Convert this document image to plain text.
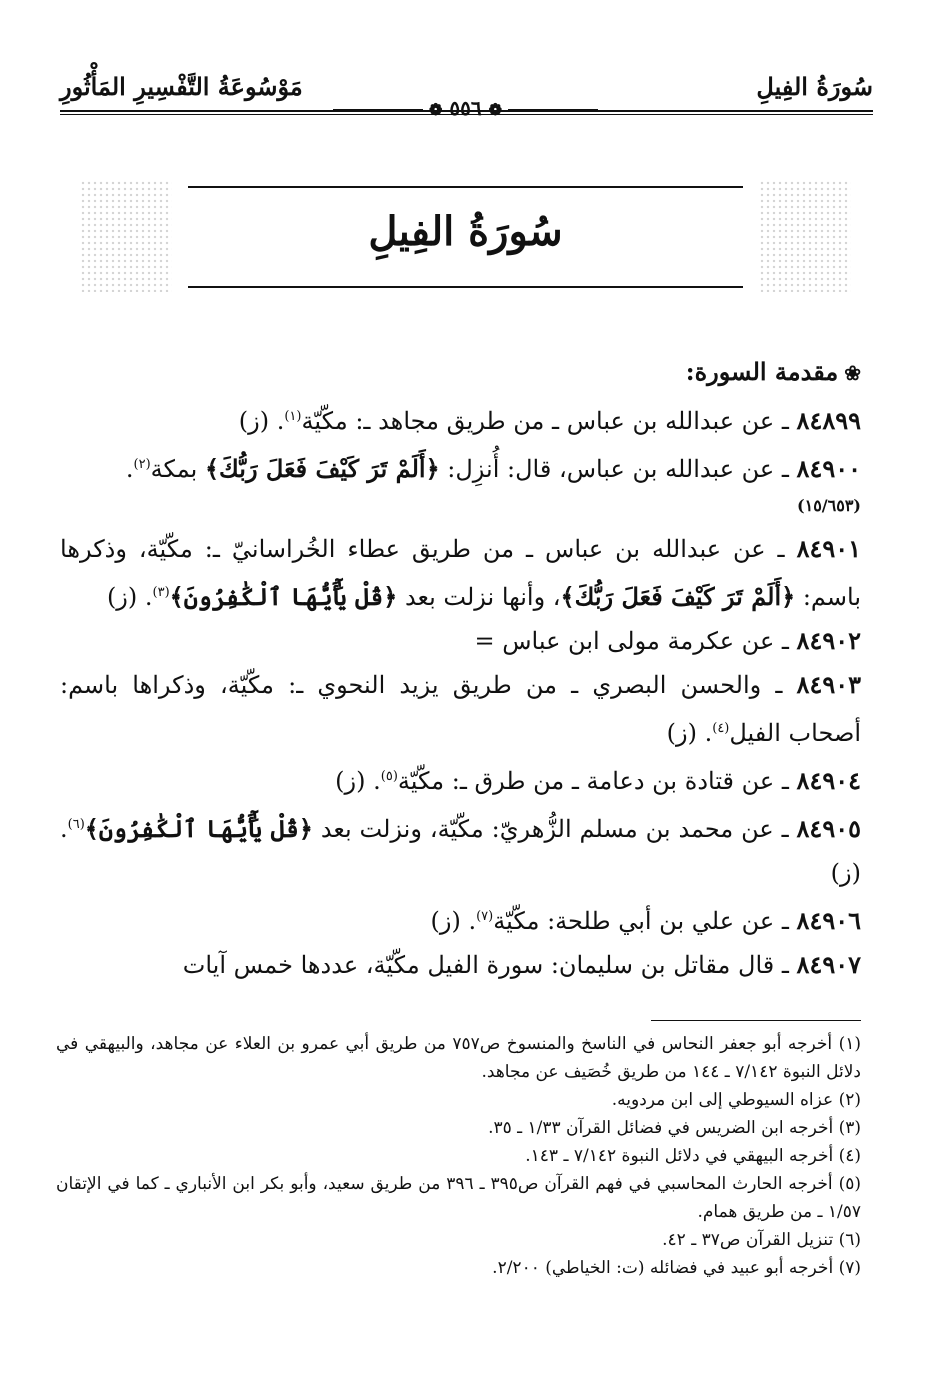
سُورَةُ الفِيلِ
مَوْسُوعَةُ التَّفْسِيرِ المَأْثُورِ
❁ ٥٥٦ ❁
سُورَةُ الفِيلِ

❀مقدمة السورة:

٨٤٨٩٩ ـ عن عبدالله بن عباس ـ من طريق مجاهد ـ: مكّيّة$^{(١)}$. (ز)

٨٤٩٠٠ ـ عن عبدالله بن عباس، قال: أُنزِل: ﴿أَلَمْ تَرَ كَيْفَ فَعَلَ رَبُّكَ﴾ بمكة$^{(٢)}$.
(١٥/٦٥٣)

٨٤٩٠١ ـ عن عبدالله بن عباس ـ من طريق عطاء الخُراسانيّ ـ: مكّيّة، وذكرها باسم: ﴿أَلَمْ تَرَ كَيْفَ فَعَلَ رَبُّكَ﴾، وأنها نزلت بعد ﴿قُلْ يَٰٓأَيُّهَا ٱلْكَٰفِرُونَ﴾$^{(٣)}$. (ز)

٨٤٩٠٢ ـ عن عكرمة مولى ابن عباس =

٨٤٩٠٣ ـ والحسن البصري ـ من طريق يزيد النحوي ـ: مكّيّة، وذكراها باسم: أصحاب الفيل$^{(٤)}$. (ز)

٨٤٩٠٤ ـ عن قتادة بن دعامة ـ من طرق ـ: مكّيّة$^{(٥)}$. (ز)

٨٤٩٠٥ ـ عن محمد بن مسلم الزُّهريّ: مكّيّة، ونزلت بعد ﴿قُلْ يَٰٓأَيُّهَا ٱلْكَٰفِرُونَ﴾$^{(٦)}$. (ز)

٨٤٩٠٦ ـ عن علي بن أبي طلحة: مكّيّة$^{(٧)}$. (ز)

٨٤٩٠٧ ـ قال مقاتل بن سليمان: سورة الفيل مكّيّة، عددها خمس آيات

(١) أخرجه أبو جعفر النحاس في الناسخ والمنسوخ ص٧٥٧ من طريق أبي عمرو بن العلاء عن مجاهد، والبيهقي في دلائل النبوة ٧/١٤٢ ـ ١٤٤ من طريق خُصَيف عن مجاهد.

(٢) عزاه السيوطي إلى ابن مردويه.

(٣) أخرجه ابن الضريس في فضائل القرآن ١/٣٣ ـ ٣٥.

(٤) أخرجه البيهقي في دلائل النبوة ٧/١٤٢ ـ ١٤٣.

(٥) أخرجه الحارث المحاسبي في فهم القرآن ص٣٩٥ ـ ٣٩٦ من طريق سعيد، وأبو بكر ابن الأنباري ـ كما في الإتقان ١/٥٧ ـ من طريق همام.

(٦) تنزيل القرآن ص٣٧ ـ ٤٢.

(٧) أخرجه أبو عبيد في فضائله (ت: الخياطي) ٢/٢٠٠.
